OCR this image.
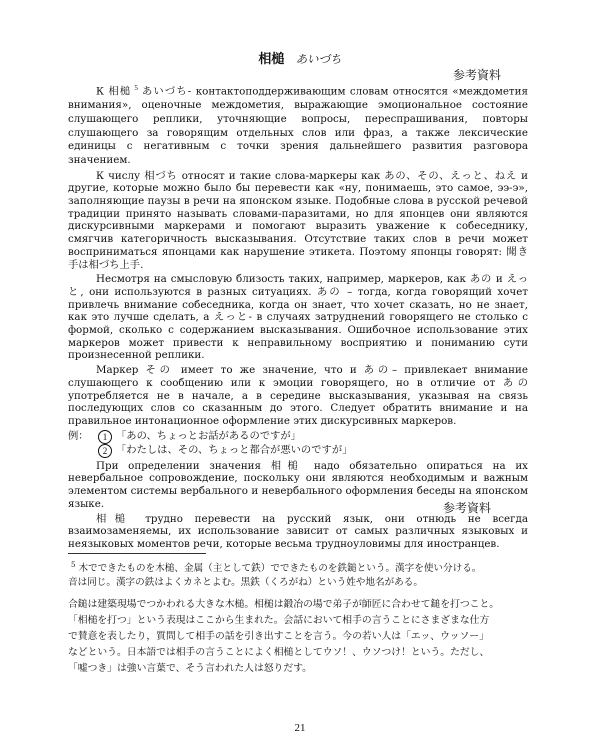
相槌 あいづち
参考資料

К 相槌 $^5$ あいづち- контактоподдерживающим словам относятся «междометия внимания», оценочные междометия, выражающие эмоциональное состояние слушающего реплики, уточняющие вопросы, переспрашивания, повторы слушающего за говорящим отдельных слов или фраз, а также лексические единицы с негативным с точки зрения дальнейшего развития разговора значением.

К числу 相づち относят и такие слова-маркеры как あの、その、えっと、ねえ и другие, которые можно было бы перевести как «ну, понимаешь, это самое, ээ-э», заполняющие паузы в речи на японском языке. Подобные слова в русской речевой традиции принято называть словами-паразитами, но для японцев они являются дискурсивными маркерами и помогают выразить уважение к собеседнику, смягчив категоричность высказывания. Отсутствие таких слов в речи может восприниматься японцами как нарушение этикета. Поэтому японцы говорят: 聞き手は相づち上手.

Несмотря на смысловую близость таких, например, маркеров, как あの и えっと, они используются в разных ситуациях. あの – тогда, когда говорящий хочет привлечь внимание собеседника, когда он знает, что хочет сказать, но не знает, как это лучше сделать, а えっと- в случаях затруднений говорящего не столько с формой, сколько с содержанием высказывания. Ошибочное использование этих маркеров может привести к неправильному восприятию и пониманию сути произнесенной реплики.

Маркер その имеет то же значение, что и あの– привлекает внимание слушающего к сообщению или к эмоции говорящего, но в отличие от あの употребляется не в начале, а в середине высказывания, указывая на связь последующих слов со сказанным до этого. Следует обратить внимание и на правильное интонационное оформление этих дискурсивных маркеров.

例：	1 「あの、ちょっとお話があるのですが」
2 「わたしは、その、ちょっと都合が悪いのですが」

При определении значения 相槌 надо обязательно опираться на их невербальное сопровождение, поскольку они являются необходимым и важным элементом системы вербального и невербального оформления беседы на японском языке.

相槌 трудно перевести на русский язык, они отнюдь не всегда взаимозаменяемы, их использование зависит от самых различных языковых и неязыковых моментов речи, которые весьма трудноуловимы для иностранцев.

参考資料
$^5$ 木でできたものを木槌、金属（主として鉄）でできたものを鉄鎚という。漢字を使い分ける。
音は同じ。漢字の鉄はよくカネとよむ。黒鉄（くろがね）という姓や地名がある。
合鎚は建築現場でつかわれる大きな木槌。相槌は鍛冶の場で弟子が師匠に合わせて鎚を打つこと。
「相槌を打つ」という表現はここから生まれた。会話において相手の言うことにさまざまな仕方
で賛意を表したり，質問して相手の話を引き出すことを言う。今の若い人は「エッ、ウッソー」
などという。日本語では相手の言うことによく相槌としてウソ！、ウソつけ！という。ただし、
「嘘つき」は強い言葉で、そう言われた人は怒りだす。
21
